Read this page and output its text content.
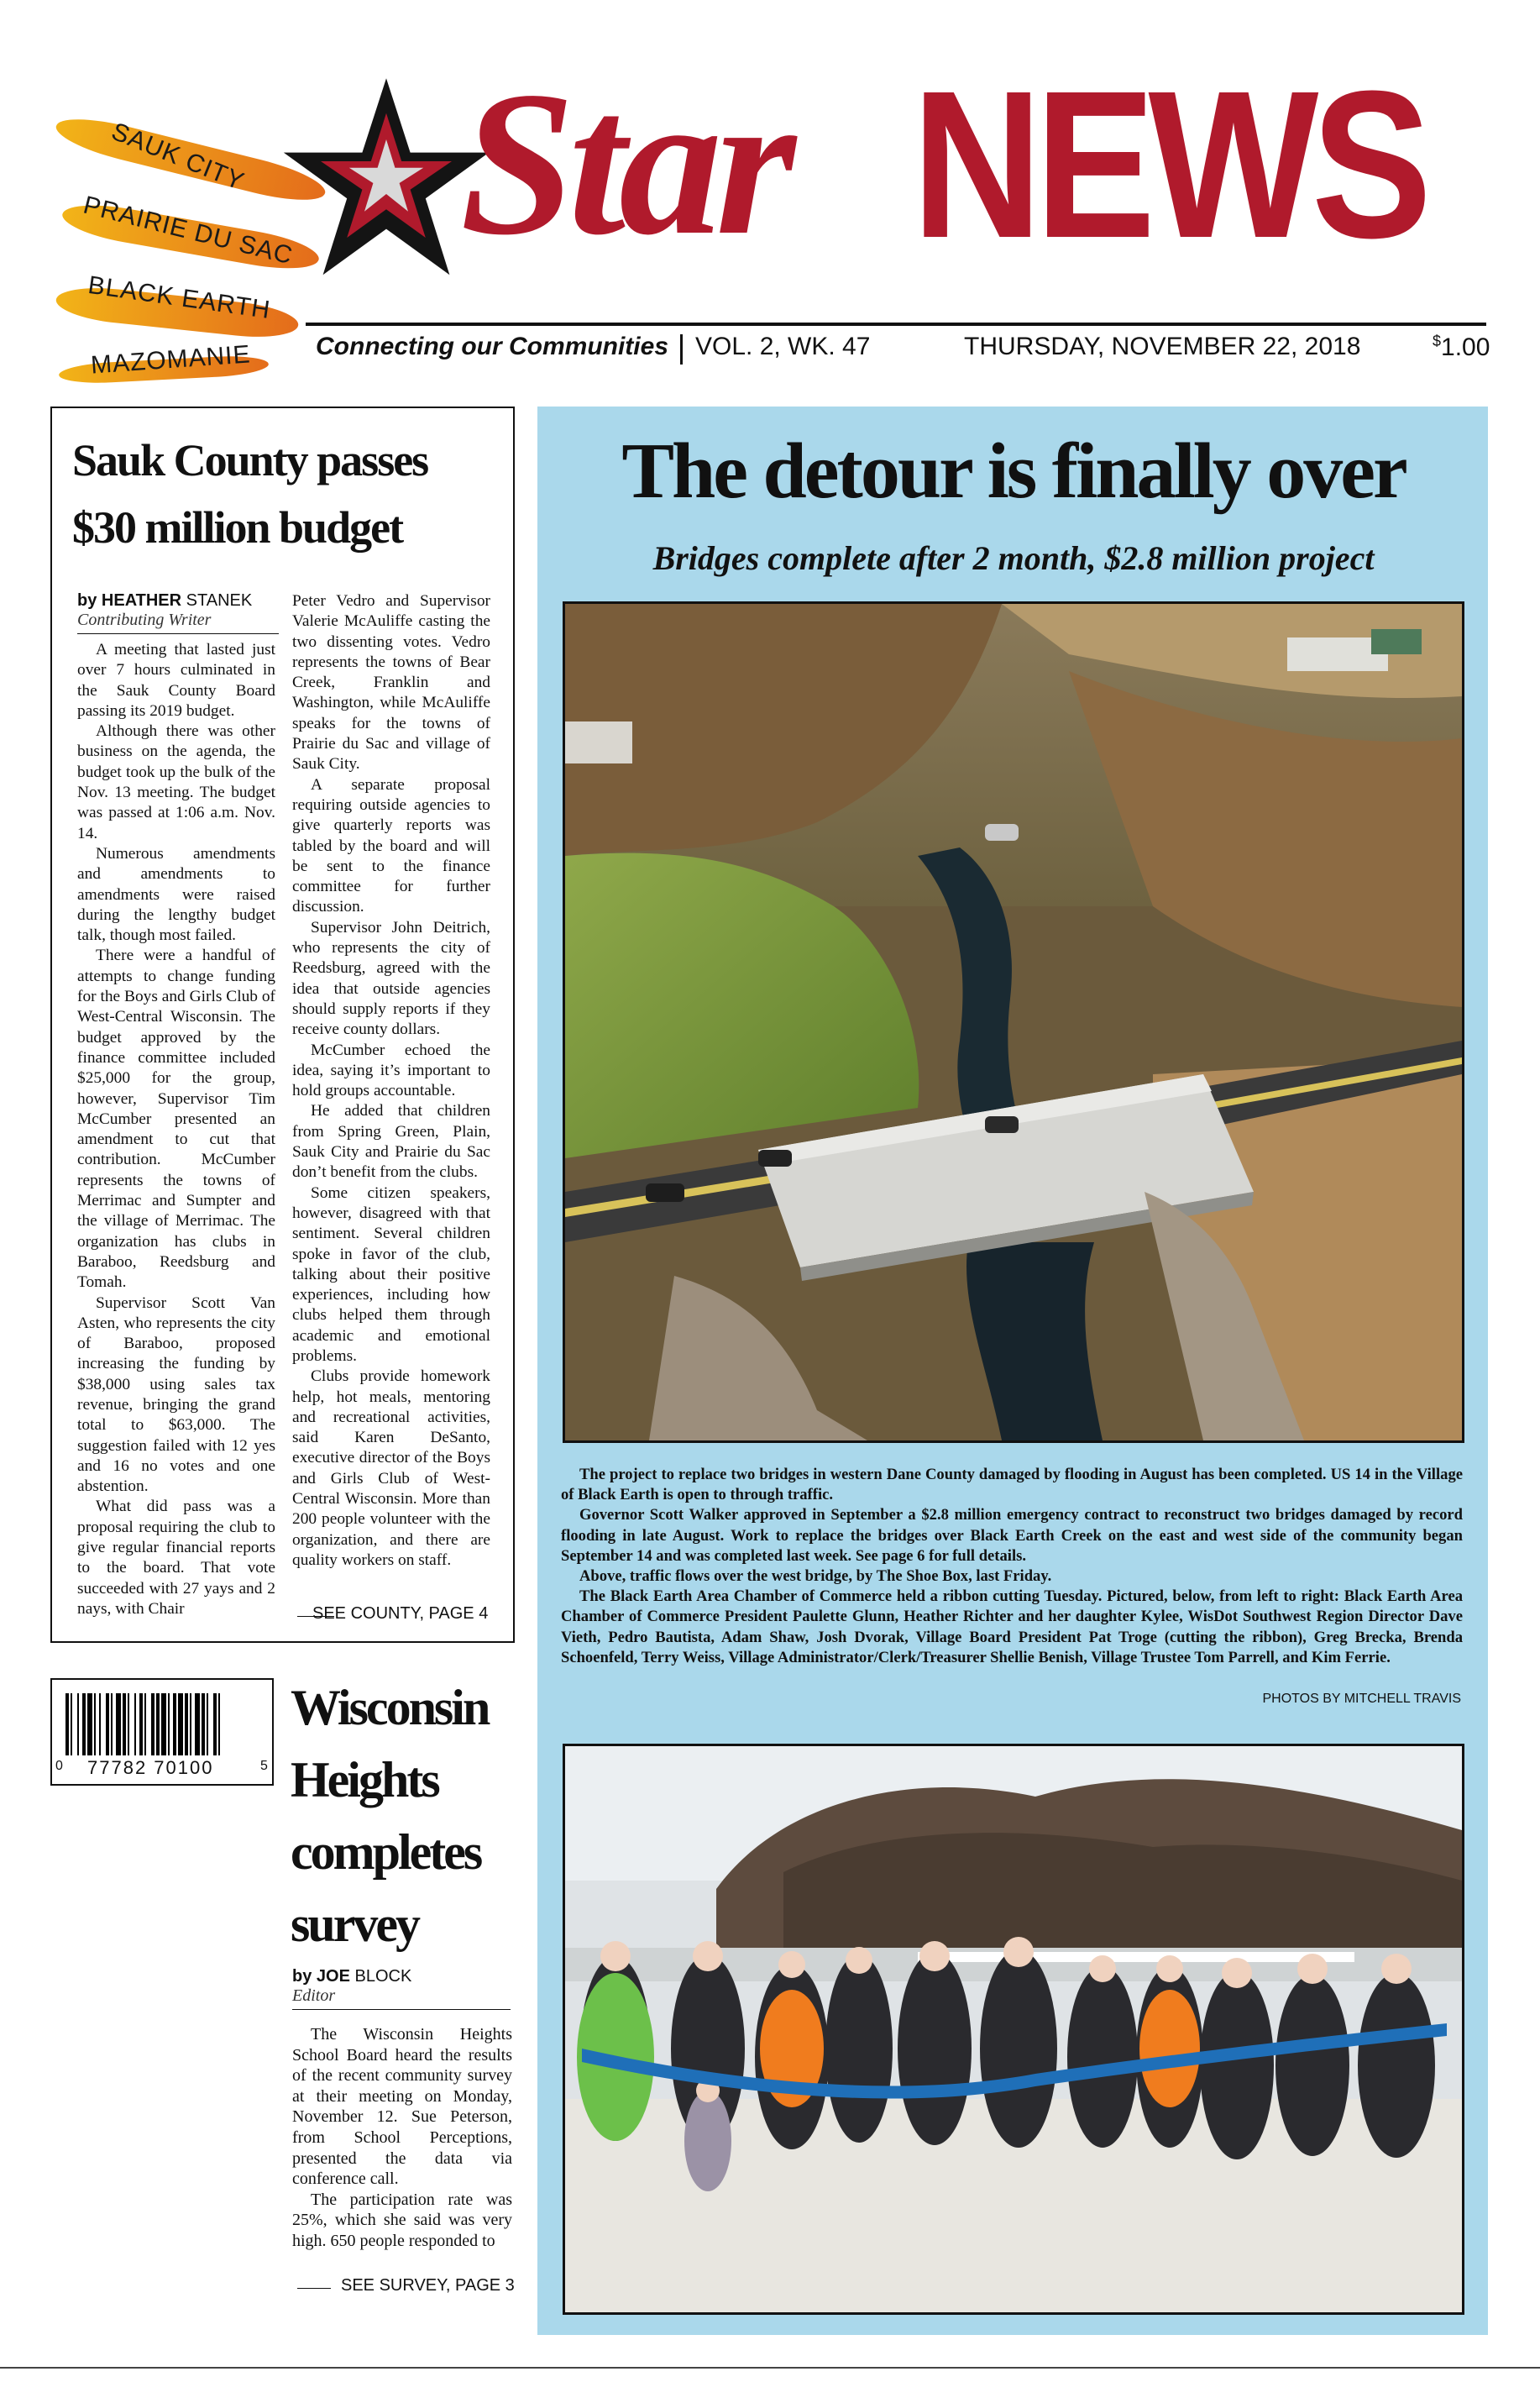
SAUK CITY
PRAIRIE DU SAC
BLACK EARTH
MAZOMANIE
Star NEWS
Connecting our Communities VOL. 2, WK. 47	THURSDAY, NOVEMBER 22, 2018	$1.00
Sauk County passes
$30 million budget
by HEATHER STANEK
Contributing Writer

A meeting that lasted just over 7 hours culminated in the Sauk County Board passing its 2019 budget.

Although there was other business on the agenda, the budget took up the bulk of the Nov. 13 meeting. The budget was passed at 1:06 a.m. Nov. 14.

Numerous amendments and amendments to amendments were raised during the lengthy budget talk, though most failed.

There were a handful of attempts to change funding for the Boys and Girls Club of West-Central Wisconsin. The budget approved by the finance committee included $25,000 for the group, however, Supervisor Tim McCumber presented an amendment to cut that contribution. McCumber represents the towns of Merrimac and Sumpter and the village of Merrimac. The organization has clubs in Baraboo, Reedsburg and Tomah.

Supervisor Scott Van Asten, who represents the city of Baraboo, proposed increasing the funding by $38,000 using sales tax revenue, bringing the grand total to $63,000. The suggestion failed with 12 yes and 16 no votes and one abstention.

What did pass was a proposal requiring the club to give regular financial reports to the board. That vote succeeded with 27 yays and 2 nays, with Chair

Peter Vedro and Supervisor Valerie McAuliffe casting the two dissenting votes. Vedro represents the towns of Bear Creek, Franklin and Washington, while McAuliffe speaks for the towns of Prairie du Sac and village of Sauk City.

A separate proposal requiring outside agencies to give quarterly reports was tabled by the board and will be sent to the finance committee for further discussion.

Supervisor John Deitrich, who represents the city of Reedsburg, agreed with the idea that outside agencies should supply reports if they receive county dollars.

McCumber echoed the idea, saying it’s important to hold groups accountable.

He added that children from Spring Green, Plain, Sauk City and Prairie du Sac don’t benefit from the clubs.

Some citizen speakers, however, disagreed with that sentiment. Several children spoke in favor of the club, talking about their positive experiences, including how clubs helped them through academic and emotional problems.

Clubs provide homework help, hot meals, mentoring and recreational activities, said Karen DeSanto, executive director of the Boys and Girls Club of West-Central Wisconsin. More than 200 people volunteer with the organization, and there are quality workers on staff.

SEE COUNTY, PAGE 4
0 77782 70100	5
Wisconsin
Heights
completes
survey
by JOE BLOCK
Editor

The Wisconsin Heights School Board heard the results of the recent community survey at their meeting on Monday, November 12. Sue Peterson, from School Perceptions, presented the data via conference call.

The participation rate was 25%, which she said was very high. 650 people responded to

SEE SURVEY, PAGE 3
The detour is finally over
Bridges complete after 2 month, $2.8 million project

The project to replace two bridges in western Dane County damaged by flooding in August has been completed. US 14 in the Village of Black Earth is open to through traffic.

Governor Scott Walker approved in September a $2.8 million emergency contract to reconstruct two bridges damaged by record flooding in late August. Work to replace the bridges over Black Earth Creek on the east and west side of the community began September 14 and was completed last week. See page 6 for full details.

Above, traffic flows over the west bridge, by The Shoe Box, last Friday.

The Black Earth Area Chamber of Commerce held a ribbon cutting Tuesday. Pictured, below, from left to right: Black Earth Area Chamber of Commerce President Paulette Glunn, Heather Richter and her daughter Kylee, WisDot Southwest Region Director Dave Vieth, Pedro Bautista, Adam Shaw, Josh Dvorak, Village Board President Pat Troge (cutting the ribbon), Greg Brecka, Brenda Schoenfeld, Terry Weiss, Village Administrator/Clerk/Treasurer Shellie Benish, Village Trustee Tom Parrell, and Kim Ferrie.

PHOTOS BY MITCHELL TRAVIS
